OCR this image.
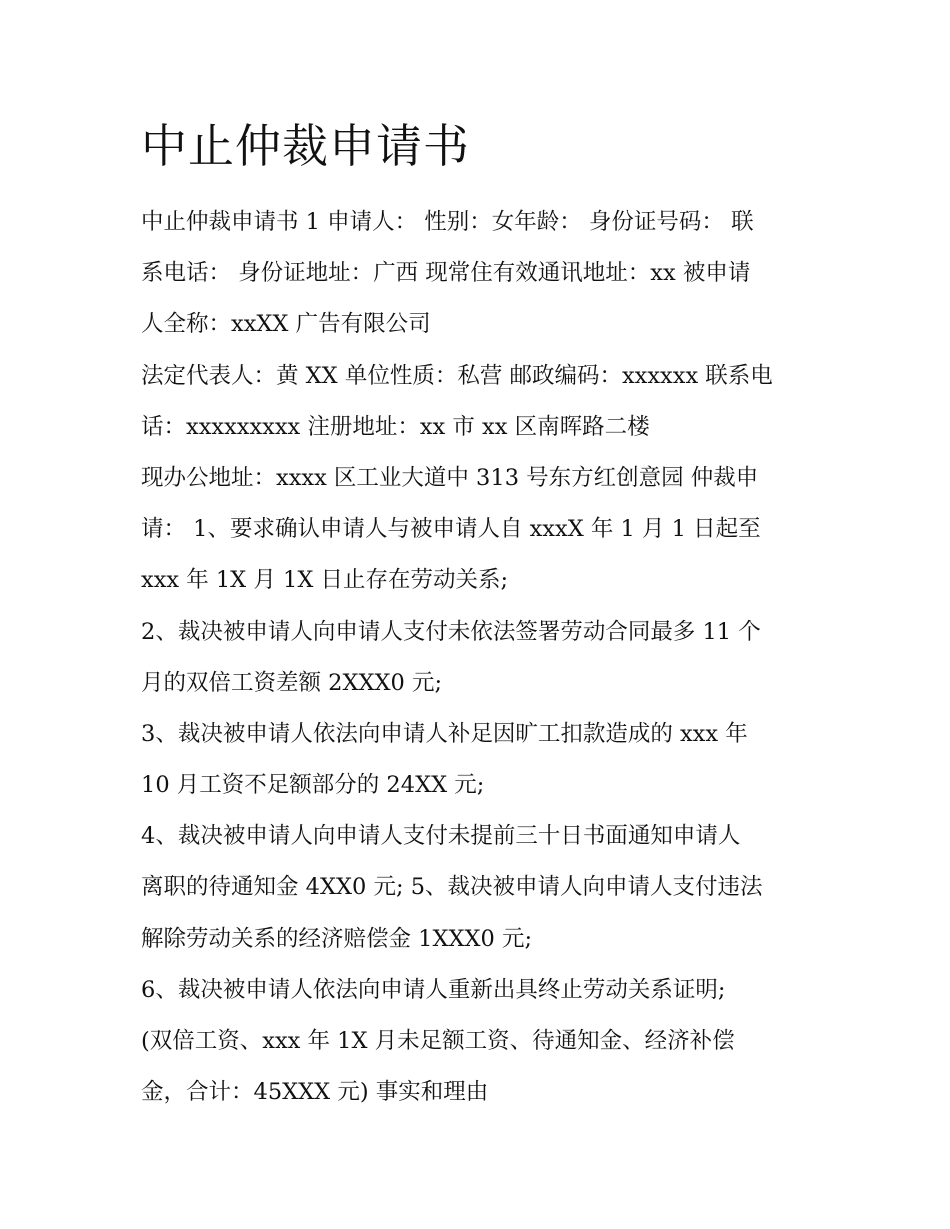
中止仲裁申请书
中止仲裁申请书 1 申请人： 性别：女年龄： 身份证号码： 联
系电话： 身份证地址：广西 现常住有效通讯地址：xx 被申请
人全称：xxXX 广告有限公司
法定代表人：黄 XX 单位性质：私营 邮政编码：xxxxxx 联系电
话：xxxxxxxxx 注册地址：xx 市 xx 区南晖路二楼
现办公地址：xxxx 区工业大道中 313 号东方红创意园 仲裁申
请： 1、要求确认申请人与被申请人自 xxxX 年 1 月 1 日起至
xxx 年 1X 月 1X 日止存在劳动关系;
2、裁决被申请人向申请人支付未依法签署劳动合同最多 11 个
月的双倍工资差额 2XXX0 元;
3、裁决被申请人依法向申请人补足因旷工扣款造成的 xxx 年
10 月工资不足额部分的 24XX 元;
4、裁决被申请人向申请人支付未提前三十日书面通知申请人
离职的待通知金 4XX0 元; 5、裁决被申请人向申请人支付违法
解除劳动关系的经济赔偿金 1XXX0 元;
6、裁决被申请人依法向申请人重新出具终止劳动关系证明;
(双倍工资、xxx 年 1X 月未足额工资、待通知金、经济补偿
金，合计：45XXX 元) 事实和理由
